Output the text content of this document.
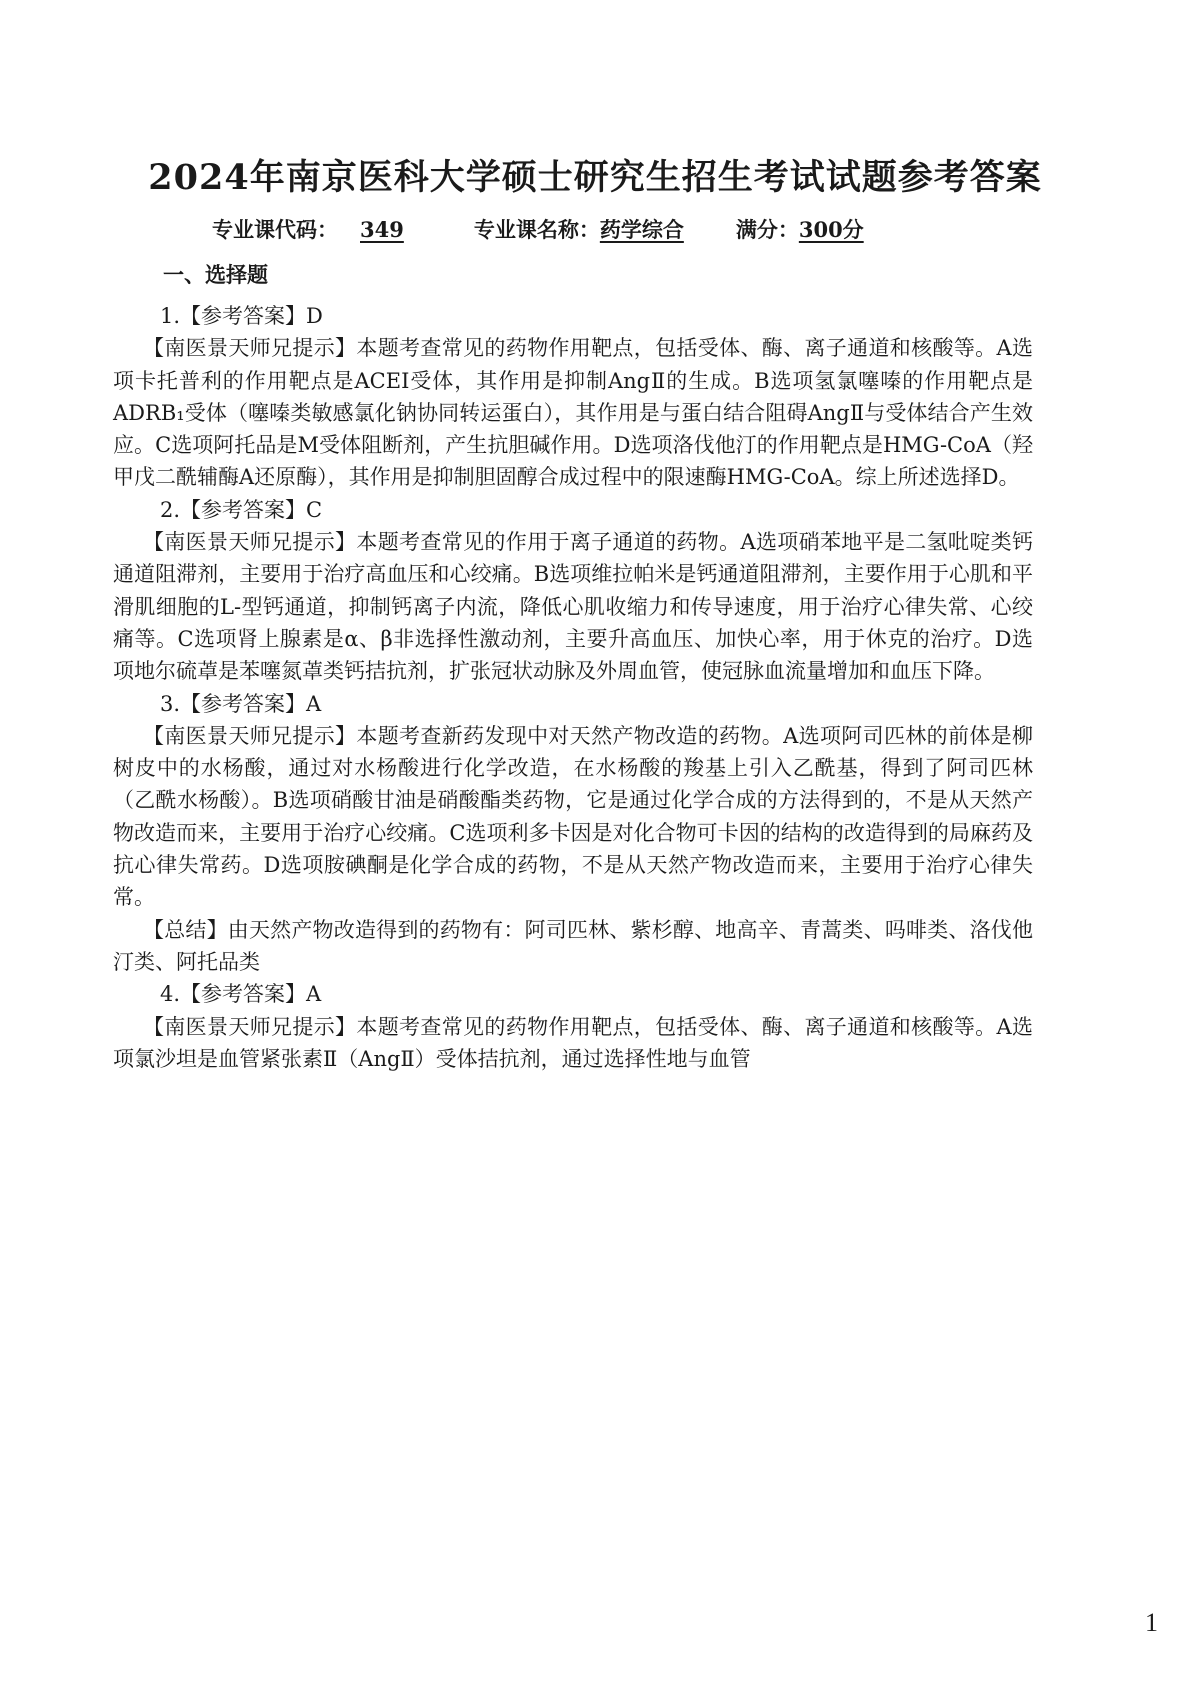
2024年南京医科大学硕士研究生招生考试试题参考答案
专业课代码： 349	专业课名称：药学综合 满分：300分
一、选择题

1.【参考答案】D

【南医景天师兄提示】本题考查常见的药物作用靶点，包括受体、酶、离子通道和核酸等。A选项卡托普利的作用靶点是ACEI受体，其作用是抑制AngⅡ的生成。B选项氢氯噻嗪的作用靶点是ADRB₁受体（噻嗪类敏感氯化钠协同转运蛋白），其作用是与蛋白结合阻碍AngⅡ与受体结合产生效应。C选项阿托品是M受体阻断剂，产生抗胆碱作用。D选项洛伐他汀的作用靶点是HMG-CoA（羟甲戊二酰辅酶A还原酶），其作用是抑制胆固醇合成过程中的限速酶HMG-CoA。综上所述选择D。

2.【参考答案】C

【南医景天师兄提示】本题考查常见的作用于离子通道的药物。A选项硝苯地平是二氢吡啶类钙通道阻滞剂，主要用于治疗高血压和心绞痛。B选项维拉帕米是钙通道阻滞剂，主要作用于心肌和平滑肌细胞的L-型钙通道，抑制钙离子内流，降低心肌收缩力和传导速度，用于治疗心律失常、心绞痛等。C选项肾上腺素是α、β非选择性激动剂，主要升高血压、加快心率，用于休克的治疗。D选项地尔硫䓬是苯噻氮䓬类钙拮抗剂，扩张冠状动脉及外周血管，使冠脉血流量增加和血压下降。

3.【参考答案】A

【南医景天师兄提示】本题考查新药发现中对天然产物改造的药物。A选项阿司匹林的前体是柳树皮中的水杨酸，通过对水杨酸进行化学改造，在水杨酸的羧基上引入乙酰基，得到了阿司匹林（乙酰水杨酸）。B选项硝酸甘油是硝酸酯类药物，它是通过化学合成的方法得到的，不是从天然产物改造而来，主要用于治疗心绞痛。C选项利多卡因是对化合物可卡因的结构的改造得到的局麻药及抗心律失常药。D选项胺碘酮是化学合成的药物，不是从天然产物改造而来，主要用于治疗心律失常。

【总结】由天然产物改造得到的药物有：阿司匹林、紫杉醇、地高辛、青蒿类、吗啡类、洛伐他汀类、阿托品类

4.【参考答案】A

【南医景天师兄提示】本题考查常见的药物作用靶点，包括受体、酶、离子通道和核酸等。A选项氯沙坦是血管紧张素Ⅱ（AngⅡ）受体拮抗剂，通过选择性地与血管

1
